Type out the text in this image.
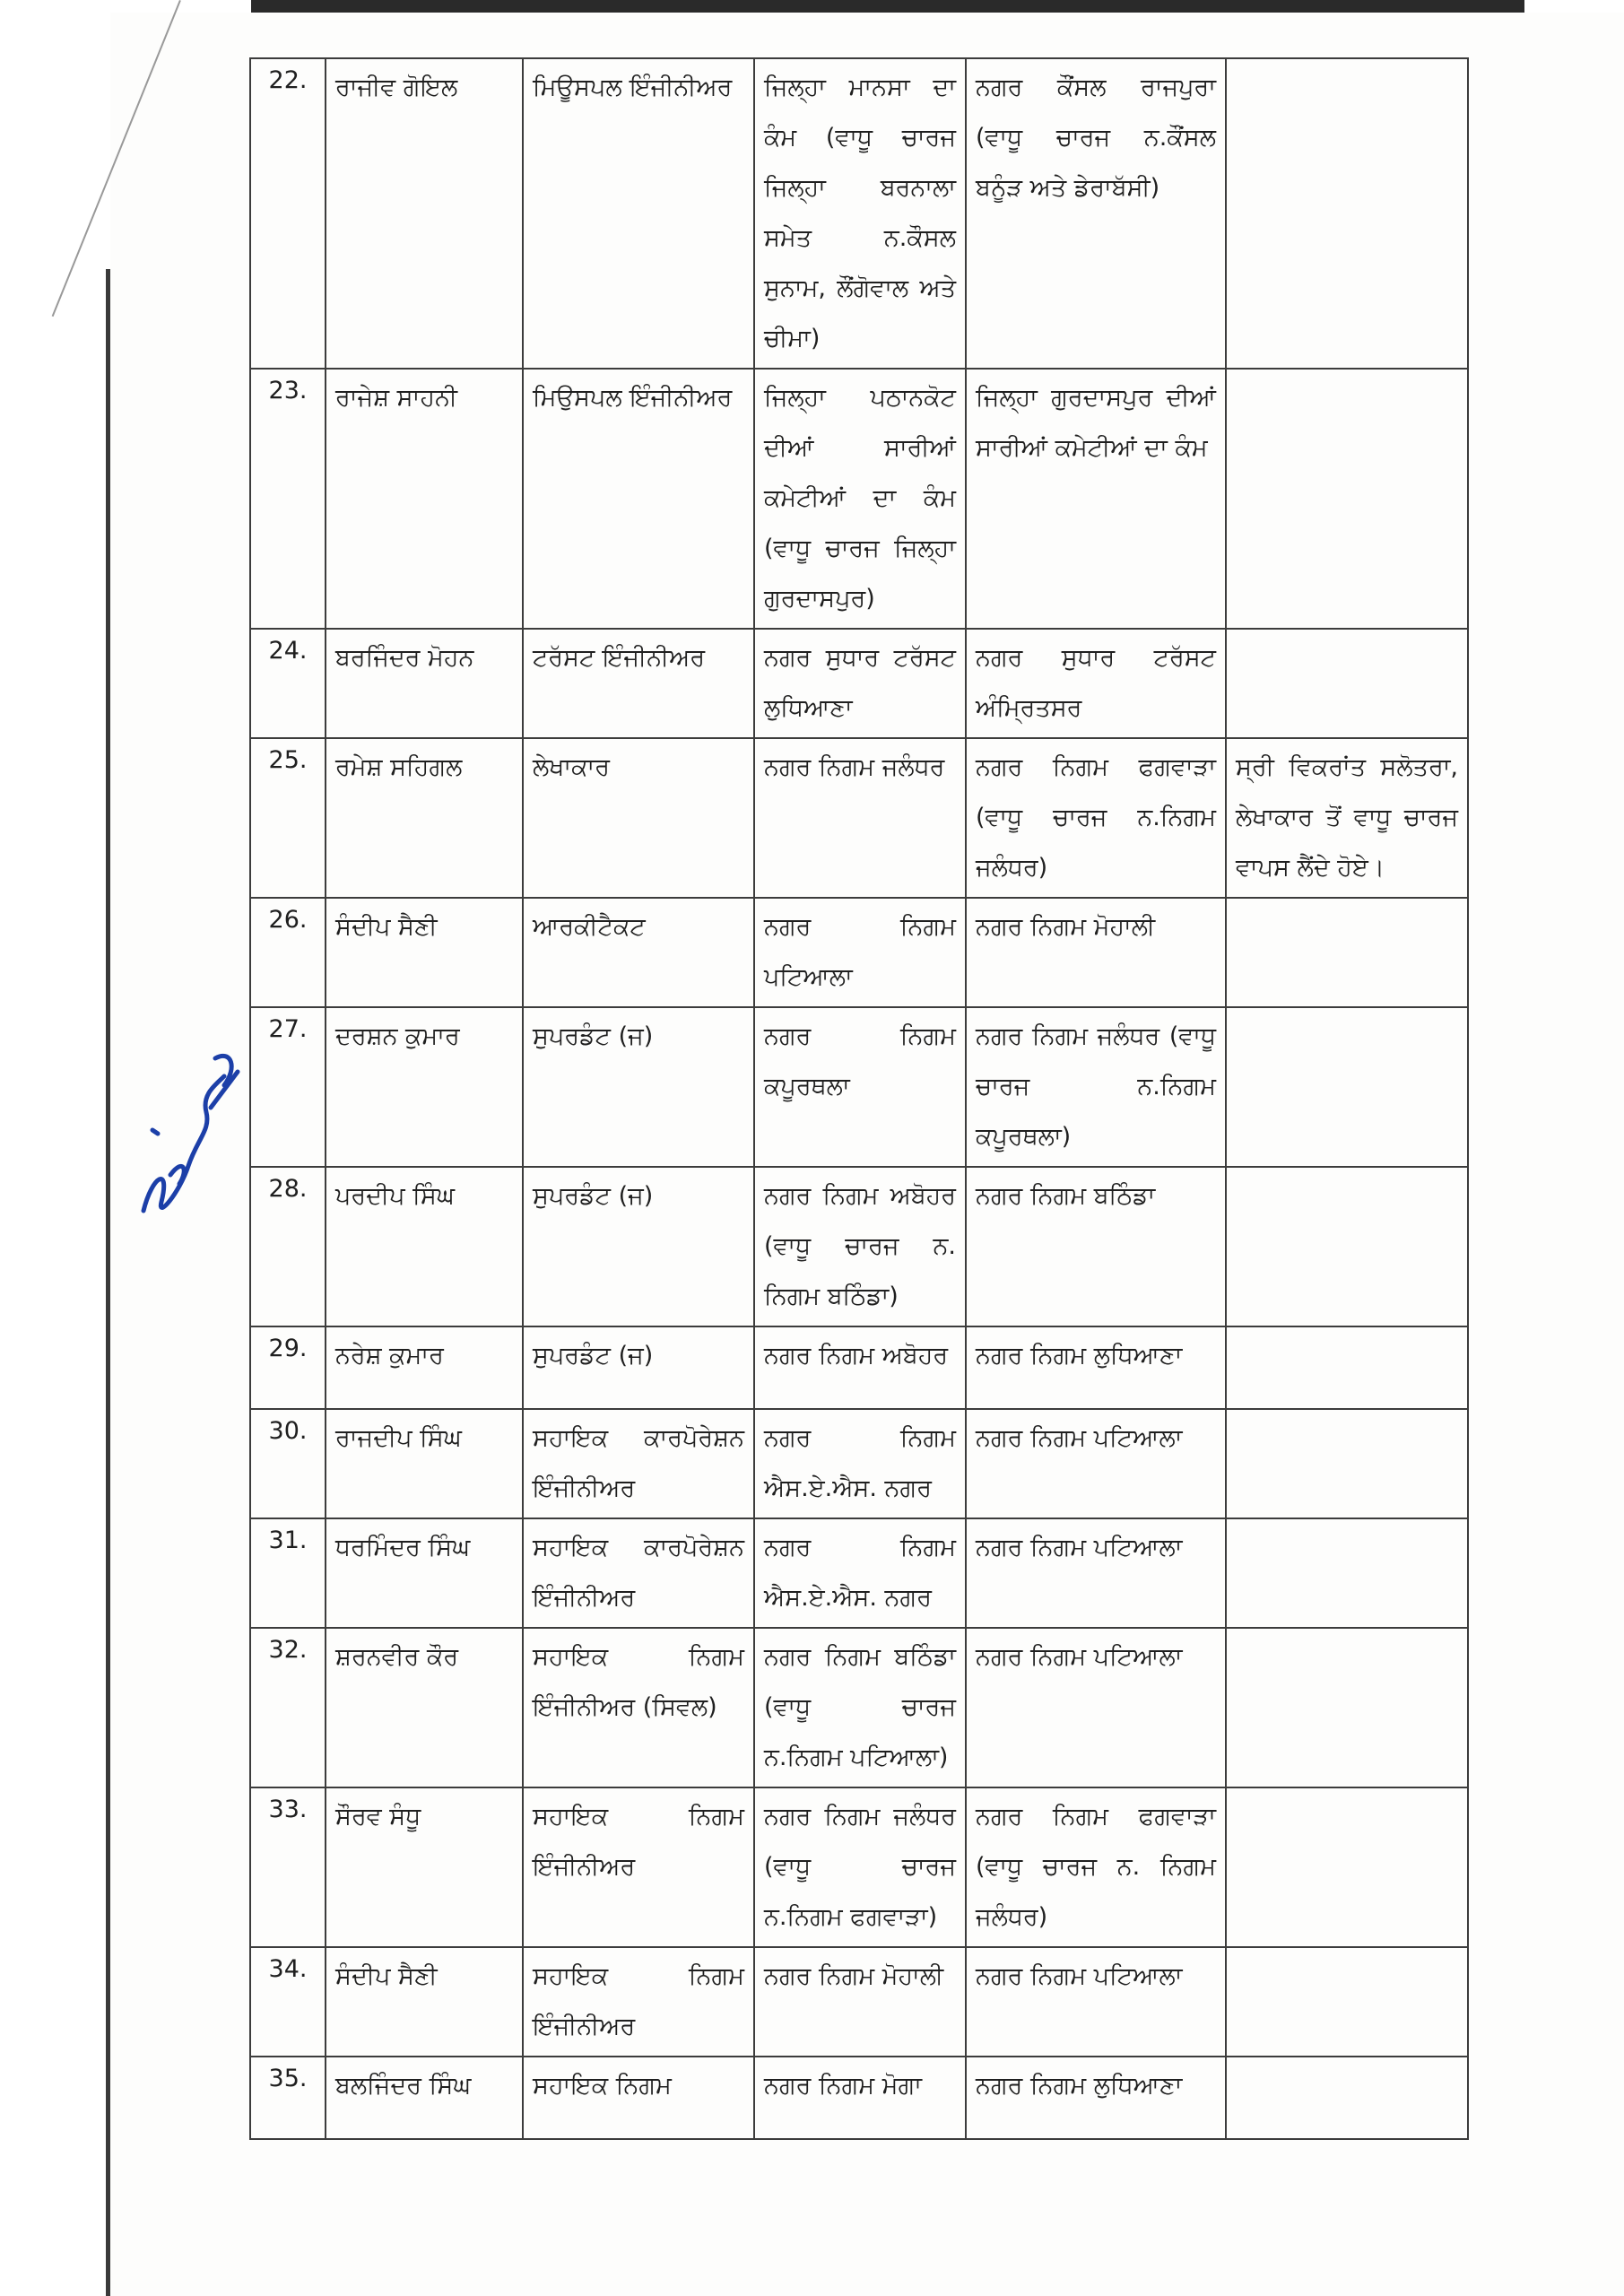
22.	ਰਾਜੀਵ ਗੋਇਲ	ਮਿਊਸਪਲ ਇੰਜੀਨੀਅਰ	ਜਿਲ੍ਹਾ ਮਾਨਸਾ ਦਾ ਕੰਮ (ਵਾਧੂ ਚਾਰਜ ਜਿਲ੍ਹਾ ਬਰਨਾਲਾ ਸਮੇਤ ਨ.ਕੌਸਲ ਸੁਨਾਮ, ਲੌਂਗੋਵਾਲ ਅਤੇ ਚੀਮਾ)	ਨਗਰ ਕੌਂਸਲ ਰਾਜਪੁਰਾ (ਵਾਧੂ ਚਾਰਜ ਨ.ਕੌਂਸਲ ਬਨੂੰੜ ਅਤੇ ਡੇਰਾਬੱਸੀ)	
23.	ਰਾਜੇਸ਼ ਸਾਹਨੀ	ਮਿਉਸਪਲ ਇੰਜੀਨੀਅਰ	ਜਿਲ੍ਹਾ ਪਠਾਨਕੋਟ ਦੀਆਂ ਸਾਰੀਆਂ ਕਮੇਟੀਆਂ ਦਾ ਕੰਮ (ਵਾਧੂ ਚਾਰਜ ਜਿਲ੍ਹਾ ਗੁਰਦਾਸਪੁਰ)	ਜਿਲ੍ਹਾ ਗੁਰਦਾਸਪੁਰ ਦੀਆਂ ਸਾਰੀਆਂ ਕਮੇਟੀਆਂ ਦਾ ਕੰਮ	
24.	ਬਰਜਿੰਦਰ ਮੋਹਨ	ਟਰੱਸਟ ਇੰਜੀਨੀਅਰ	ਨਗਰ ਸੁਧਾਰ ਟਰੱਸਟ ਲੁਧਿਆਣਾ	ਨਗਰ ਸੁਧਾਰ ਟਰੱਸਟ ਅੰਮ੍ਰਿਤਸਰ	
25.	ਰਮੇਸ਼ ਸਹਿਗਲ	ਲੇਖਾਕਾਰ	ਨਗਰ ਨਿਗਮ ਜਲੰਧਰ	ਨਗਰ ਨਿਗਮ ਫਗਵਾੜਾ (ਵਾਧੂ ਚਾਰਜ ਨ.ਨਿਗਮ ਜਲੰਧਰ)	ਸ੍ਰੀ ਵਿਕਰਾਂਤ ਸਲੋਤਰਾ, ਲੇਖਾਕਾਰ ਤੋਂ ਵਾਧੂ ਚਾਰਜ ਵਾਪਸ ਲੈਂਦੇ ਹੋਏ।
26.	ਸੰਦੀਪ ਸੈਣੀ	ਆਰਕੀਟੈਕਟ	ਨਗਰ ਨਿਗਮ ਪਟਿਆਲਾ	ਨਗਰ ਨਿਗਮ ਮੋਹਾਲੀ	
27.	ਦਰਸ਼ਨ ਕੁਮਾਰ	ਸੁਪਰਡੰਟ (ਜ)	ਨਗਰ ਨਿਗਮ ਕਪੂਰਥਲਾ	ਨਗਰ ਨਿਗਮ ਜਲੰਧਰ (ਵਾਧੂ ਚਾਰਜ ਨ.ਨਿਗਮ ਕਪੂਰਥਲਾ)	
28.	ਪਰਦੀਪ ਸਿੰਘ	ਸੁਪਰਡੰਟ (ਜ)	ਨਗਰ ਨਿਗਮ ਅਬੋਹਰ (ਵਾਧੂ ਚਾਰਜ ਨ. ਨਿਗਮ ਬਠਿੰਡਾ)	ਨਗਰ ਨਿਗਮ ਬਠਿੰਡਾ	
29.	ਨਰੇਸ਼ ਕੁਮਾਰ	ਸੁਪਰਡੰਟ (ਜ)	ਨਗਰ ਨਿਗਮ ਅਬੋਹਰ	ਨਗਰ ਨਿਗਮ ਲੁਧਿਆਣਾ	
30.	ਰਾਜਦੀਪ ਸਿੰਘ	ਸਹਾਇਕ ਕਾਰਪੋਰੇਸ਼ਨ ਇੰਜੀਨੀਅਰ	ਨਗਰ ਨਿਗਮ ਐਸ.ਏ.ਐਸ. ਨਗਰ	ਨਗਰ ਨਿਗਮ ਪਟਿਆਲਾ	
31.	ਧਰਮਿੰਦਰ ਸਿੰਘ	ਸਹਾਇਕ ਕਾਰਪੋਰੇਸ਼ਨ ਇੰਜੀਨੀਅਰ	ਨਗਰ ਨਿਗਮ ਐਸ.ਏ.ਐਸ. ਨਗਰ	ਨਗਰ ਨਿਗਮ ਪਟਿਆਲਾ	
32.	ਸ਼ਰਨਵੀਰ ਕੌਰ	ਸਹਾਇਕ ਨਿਗਮ ਇੰਜੀਨੀਅਰ (ਸਿਵਲ)	ਨਗਰ ਨਿਗਮ ਬਠਿੰਡਾ (ਵਾਧੂ ਚਾਰਜ ਨ.ਨਿਗਮ ਪਟਿਆਲਾ)	ਨਗਰ ਨਿਗਮ ਪਟਿਆਲਾ	
33.	ਸੌਰਵ ਸੰਧੂ	ਸਹਾਇਕ ਨਿਗਮ ਇੰਜੀਨੀਅਰ	ਨਗਰ ਨਿਗਮ ਜਲੰਧਰ (ਵਾਧੂ ਚਾਰਜ ਨ.ਨਿਗਮ ਫਗਵਾੜਾ)	ਨਗਰ ਨਿਗਮ ਫਗਵਾੜਾ (ਵਾਧੂ ਚਾਰਜ ਨ. ਨਿਗਮ ਜਲੰਧਰ)	
34.	ਸੰਦੀਪ ਸੈਣੀ	ਸਹਾਇਕ ਨਿਗਮ ਇੰਜੀਨੀਅਰ	ਨਗਰ ਨਿਗਮ ਮੋਹਾਲੀ	ਨਗਰ ਨਿਗਮ ਪਟਿਆਲਾ	
35.	ਬਲਜਿੰਦਰ ਸਿੰਘ	ਸਹਾਇਕ ਨਿਗਮ	ਨਗਰ ਨਿਗਮ ਮੋਗਾ	ਨਗਰ ਨਿਗਮ ਲੁਧਿਆਣਾ	
